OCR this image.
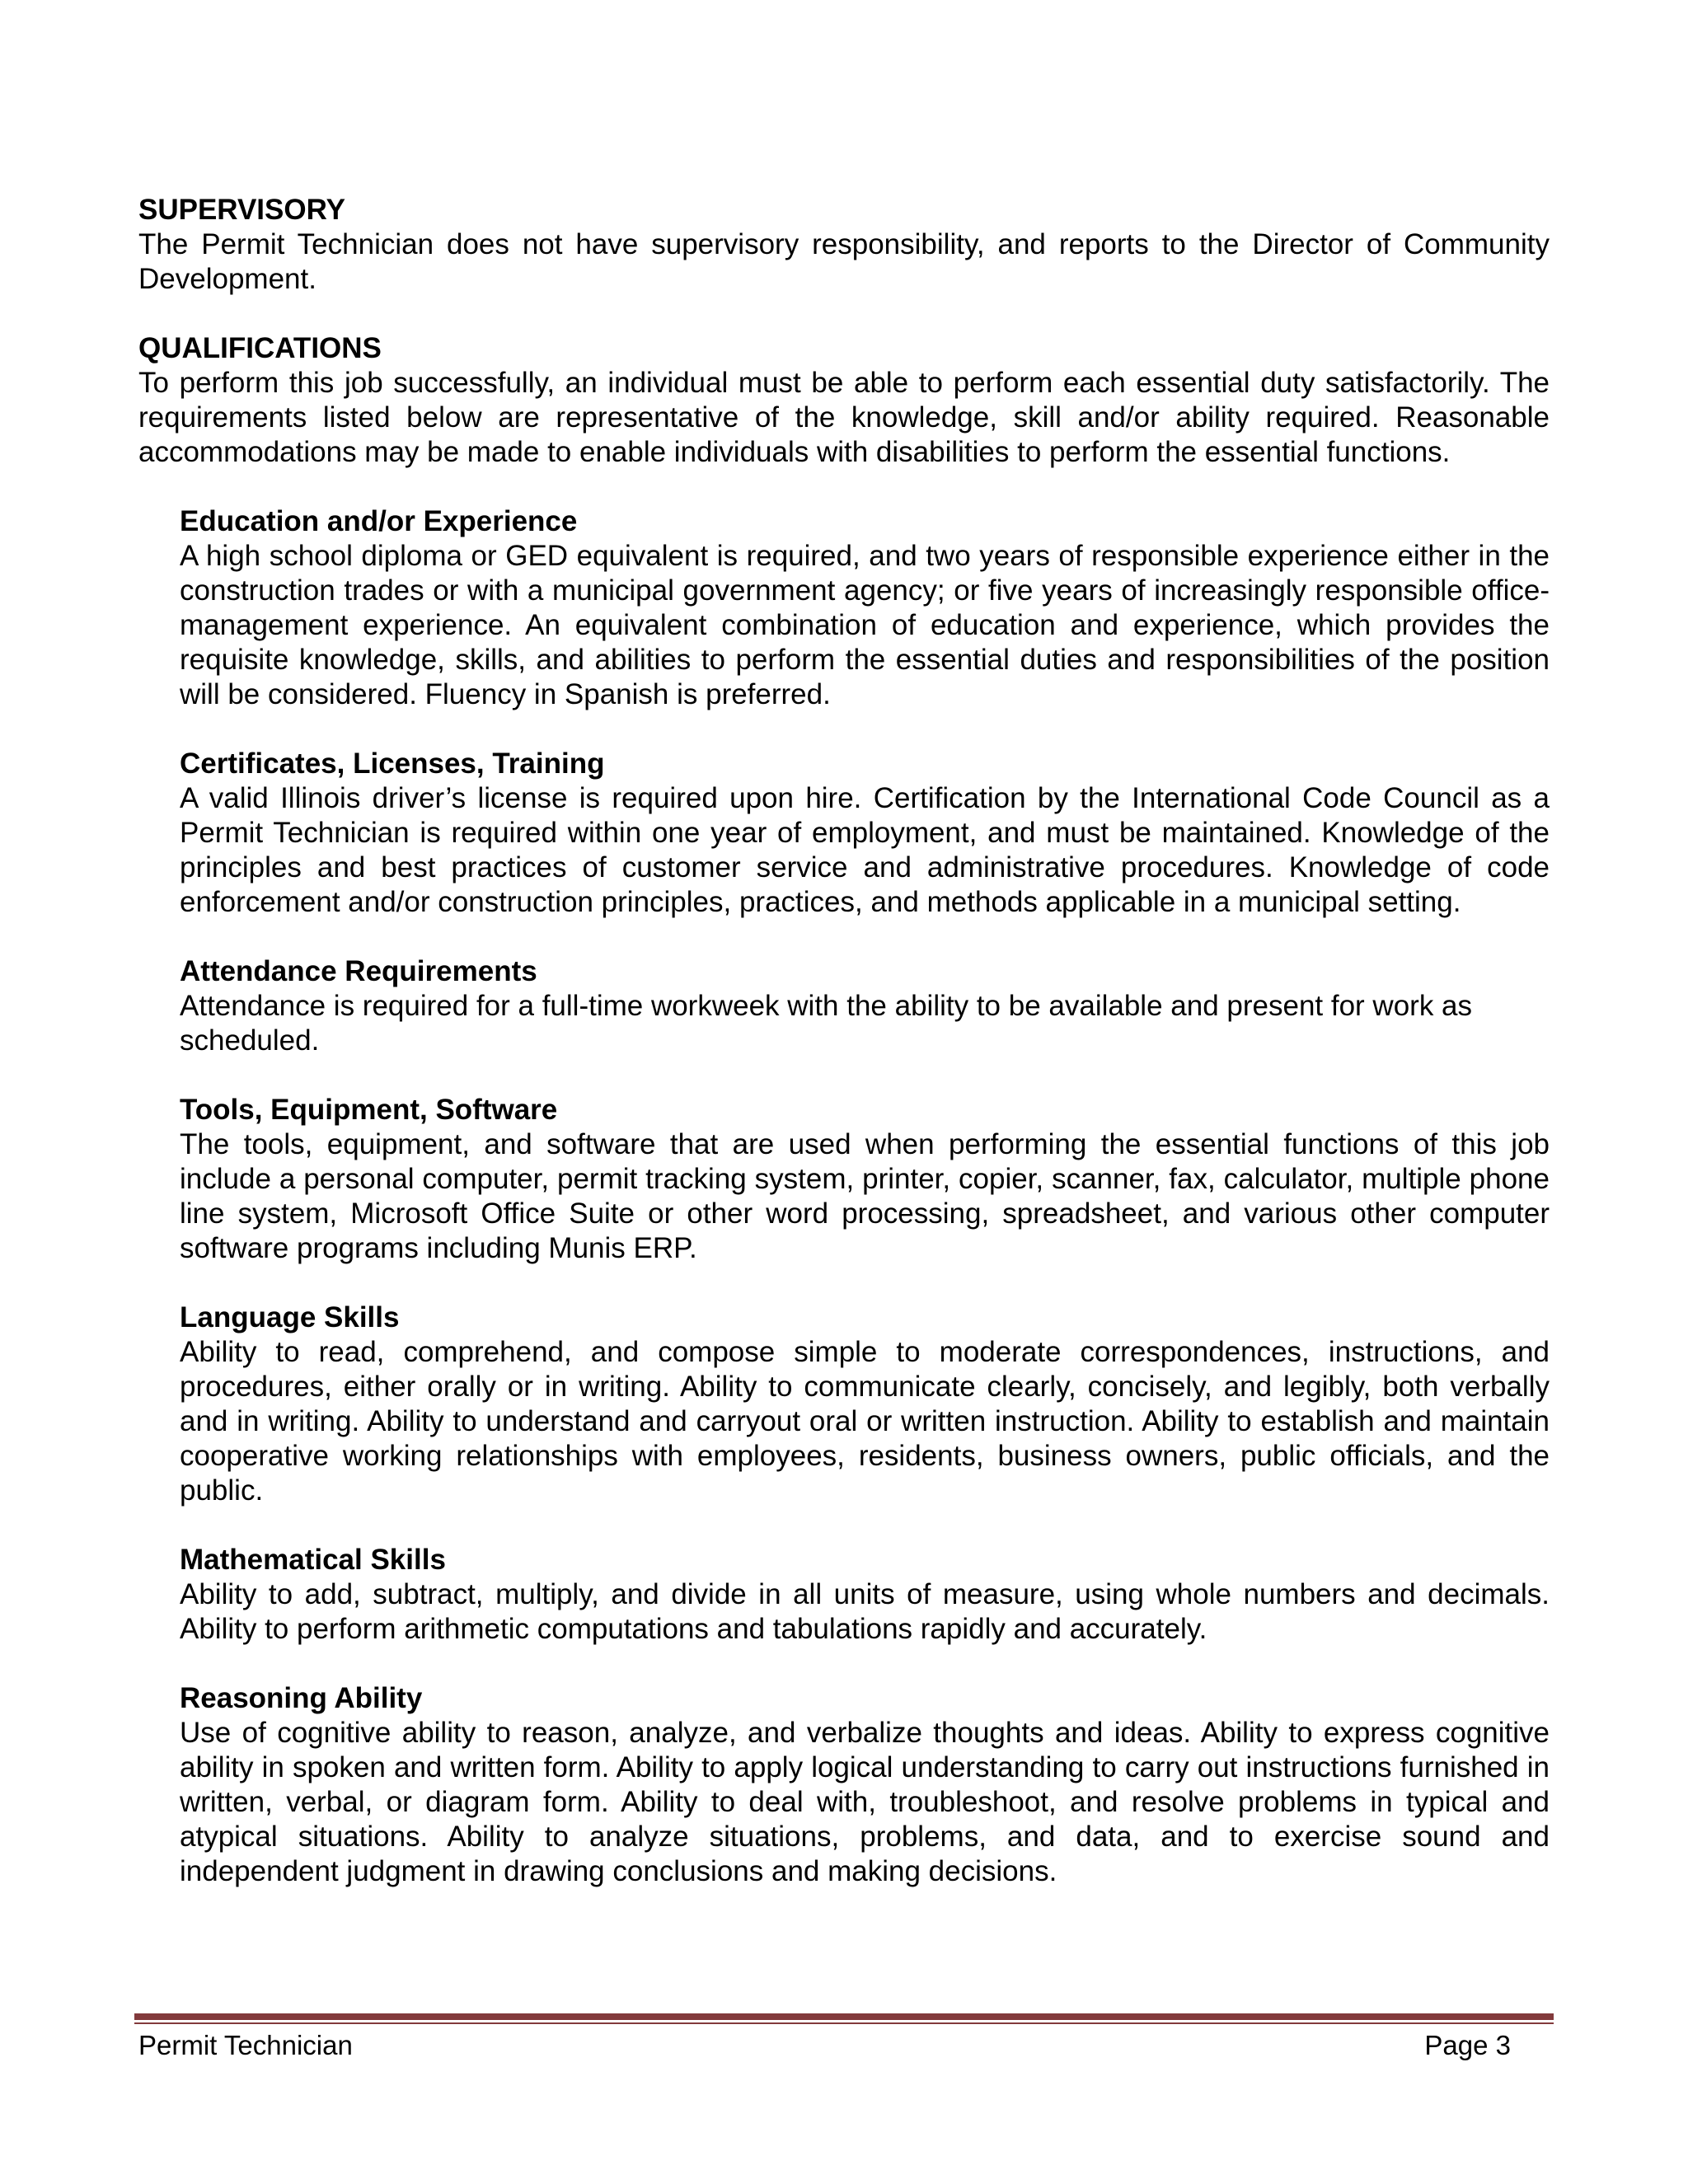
SUPERVISORY

The Permit Technician does not have supervisory responsibility, and reports to the Director of Community Development.

QUALIFICATIONS

To perform this job successfully, an individual must be able to perform each essential duty satisfactorily. The requirements listed below are representative of the knowledge, skill and/or ability required. Reasonable accommodations may be made to enable individuals with disabilities to perform the essential functions.

Education and/or Experience

A high school diploma or GED equivalent is required, and two years of responsible experience either in the construction trades or with a municipal government agency; or five years of increasingly responsible office-management experience. An equivalent combination of education and experience, which provides the requisite knowledge, skills, and abilities to perform the essential duties and responsibilities of the position will be considered. Fluency in Spanish is preferred.

Certificates, Licenses, Training

A valid Illinois driver’s license is required upon hire. Certification by the International Code Council as a Permit Technician is required within one year of employment, and must be maintained. Knowledge of the principles and best practices of customer service and administrative procedures. Knowledge of code enforcement and/or construction principles, practices, and methods applicable in a municipal setting.

Attendance Requirements

Attendance is required for a full-time workweek with the ability to be available and present for work as scheduled.

Tools, Equipment, Software

The tools, equipment, and software that are used when performing the essential functions of this job include a personal computer, permit tracking system, printer, copier, scanner, fax, calculator, multiple phone line system, Microsoft Office Suite or other word processing, spreadsheet, and various other computer software programs including Munis ERP.

Language Skills

Ability to read, comprehend, and compose simple to moderate correspondences, instructions, and procedures, either orally or in writing. Ability to communicate clearly, concisely, and legibly, both verbally and in writing. Ability to understand and carryout oral or written instruction. Ability to establish and maintain cooperative working relationships with employees, residents, business owners, public officials, and the public.

Mathematical Skills

Ability to add, subtract, multiply, and divide in all units of measure, using whole numbers and decimals. Ability to perform arithmetic computations and tabulations rapidly and accurately.

Reasoning Ability

Use of cognitive ability to reason, analyze, and verbalize thoughts and ideas. Ability to express cognitive ability in spoken and written form. Ability to apply logical understanding to carry out instructions furnished in written, verbal, or diagram form. Ability to deal with, troubleshoot, and resolve problems in typical and atypical situations. Ability to analyze situations, problems, and data, and to exercise sound and independent judgment in drawing conclusions and making decisions.

Permit Technician	Page 3
